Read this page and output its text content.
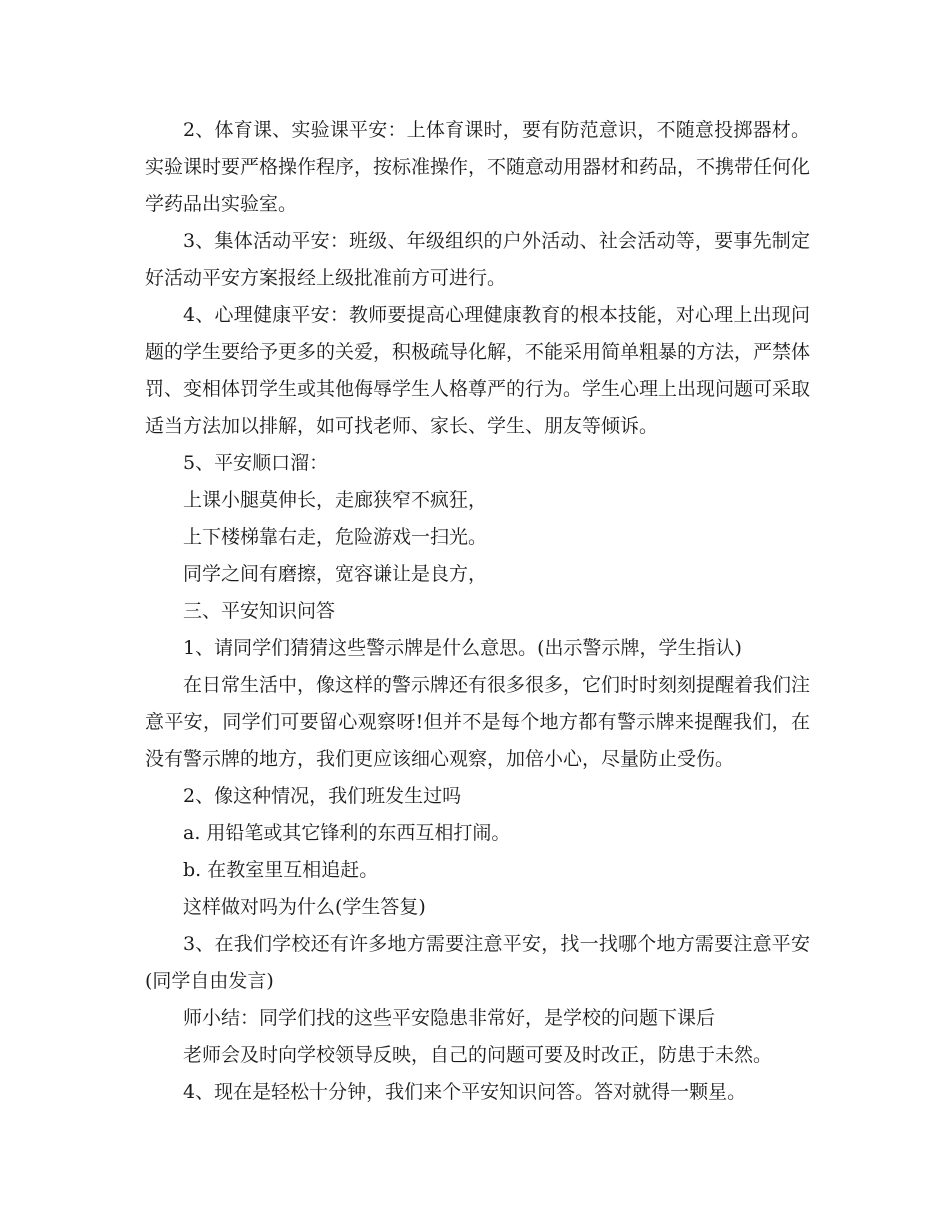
2、体育课、实验课平安：上体育课时，要有防范意识，不随意投掷器材。实验课时要严格操作程序，按标准操作，不随意动用器材和药品，不携带任何化学药品出实验室。

3、集体活动平安：班级、年级组织的户外活动、社会活动等，要事先制定好活动平安方案报经上级批准前方可进行。

4、心理健康平安：教师要提高心理健康教育的根本技能，对心理上出现问题的学生要给予更多的关爱，积极疏导化解，不能采用简单粗暴的方法，严禁体罚、变相体罚学生或其他侮辱学生人格尊严的行为。学生心理上出现问题可采取适当方法加以排解，如可找老师、家长、学生、朋友等倾诉。

5、平安顺口溜：

上课小腿莫伸长，走廊狭窄不疯狂，

上下楼梯靠右走，危险游戏一扫光。

同学之间有磨擦，宽容谦让是良方，

三、平安知识问答

1、请同学们猜猜这些警示牌是什么意思。(出示警示牌，学生指认)

在日常生活中，像这样的警示牌还有很多很多，它们时时刻刻提醒着我们注意平安，同学们可要留心观察呀!但并不是每个地方都有警示牌来提醒我们，在没有警示牌的地方，我们更应该细心观察，加倍小心，尽量防止受伤。

2、像这种情况，我们班发生过吗

a. 用铅笔或其它锋利的东西互相打闹。

b. 在教室里互相追赶。

这样做对吗为什么(学生答复)

3、在我们学校还有许多地方需要注意平安，找一找哪个地方需要注意平安(同学自由发言)

师小结：同学们找的这些平安隐患非常好，是学校的问题下课后

老师会及时向学校领导反映，自己的问题可要及时改正，防患于未然。

4、现在是轻松十分钟，我们来个平安知识问答。答对就得一颗星。
